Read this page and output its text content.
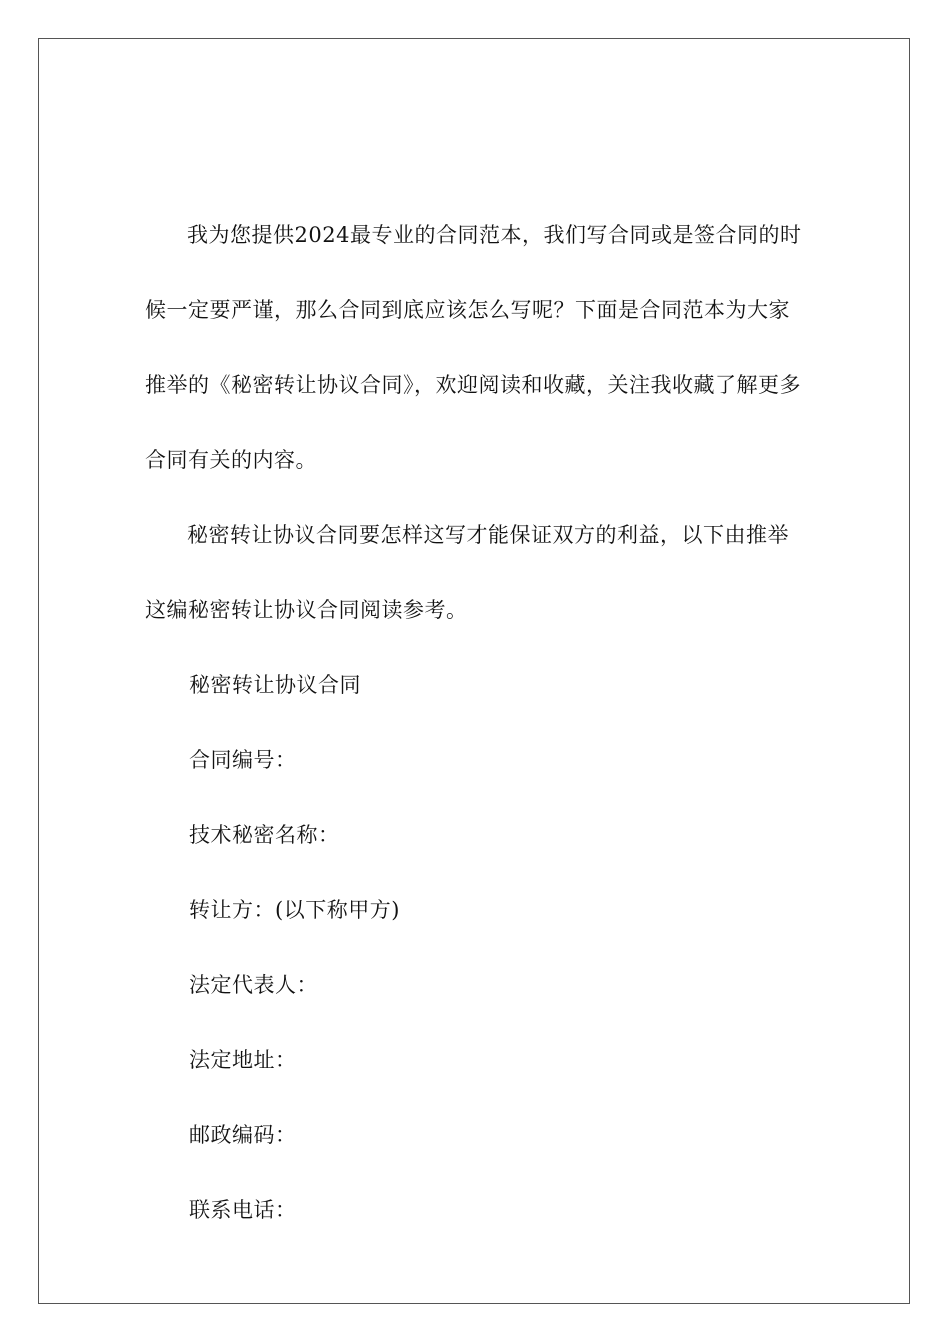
我为您提供2024最专业的合同范本，我们写合同或是签合同的时候一定要严谨，那么合同到底应该怎么写呢？下面是合同范本为大家推举的《秘密转让协议合同》，欢迎阅读和收藏，关注我收藏了解更多合同有关的内容。

秘密转让协议合同要怎样这写才能保证双方的利益，以下由推举这编秘密转让协议合同阅读参考。

秘密转让协议合同

合同编号：

技术秘密名称：

转让方：(以下称甲方)

法定代表人：

法定地址：

邮政编码：

联系电话：
